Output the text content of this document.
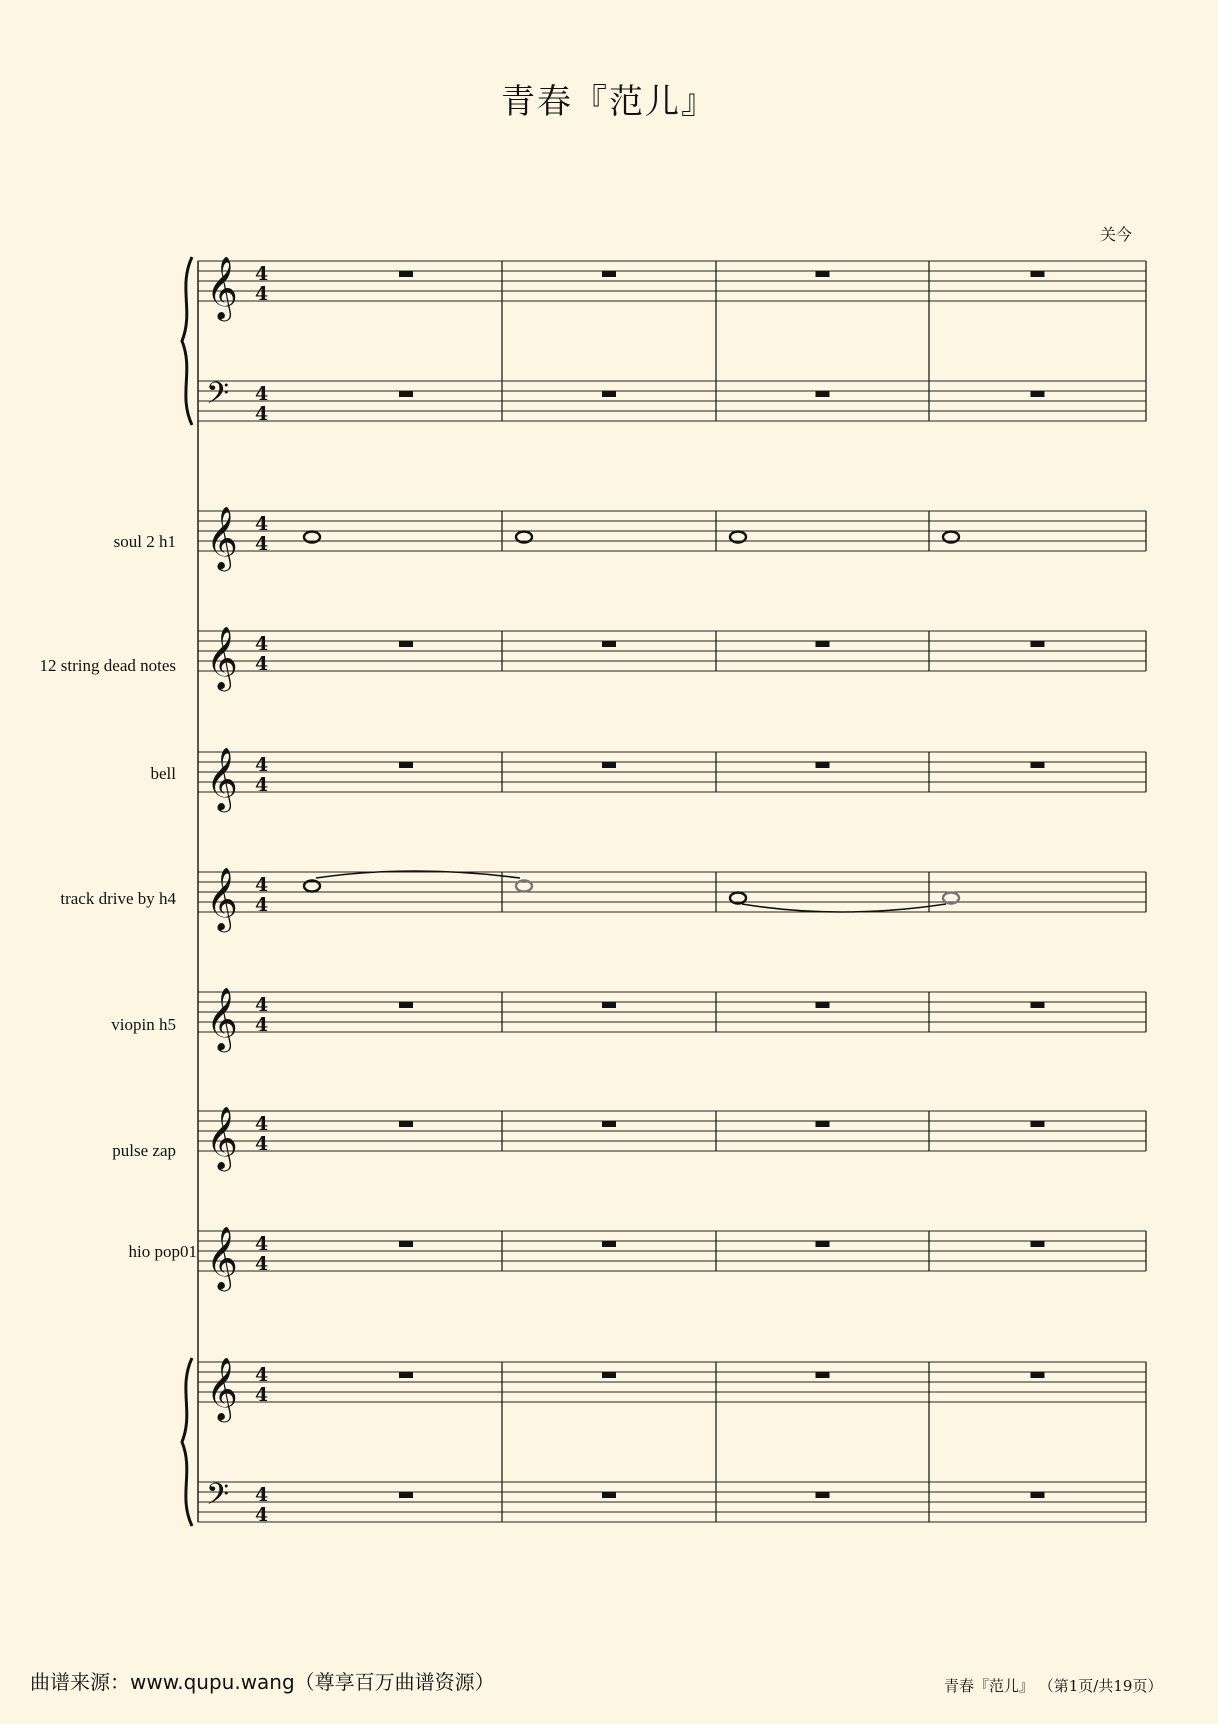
青春『范儿』
关今
𝄞 4
4
𝄢 4
4
𝄞 4
4
𝄞 4
4
𝄞 4
4
𝄞 4
4
𝄞 4
4
𝄞 4
4
𝄞 4
4
𝄞 4
4
𝄢 4
4
soul 2 h1
12 string dead notes
bell
track drive by h4
viopin h5
pulse zap
hio pop01
曲谱来源：www.qupu.wang（尊享百万曲谱资源）	青春『范儿』 （第1页/共19页）
